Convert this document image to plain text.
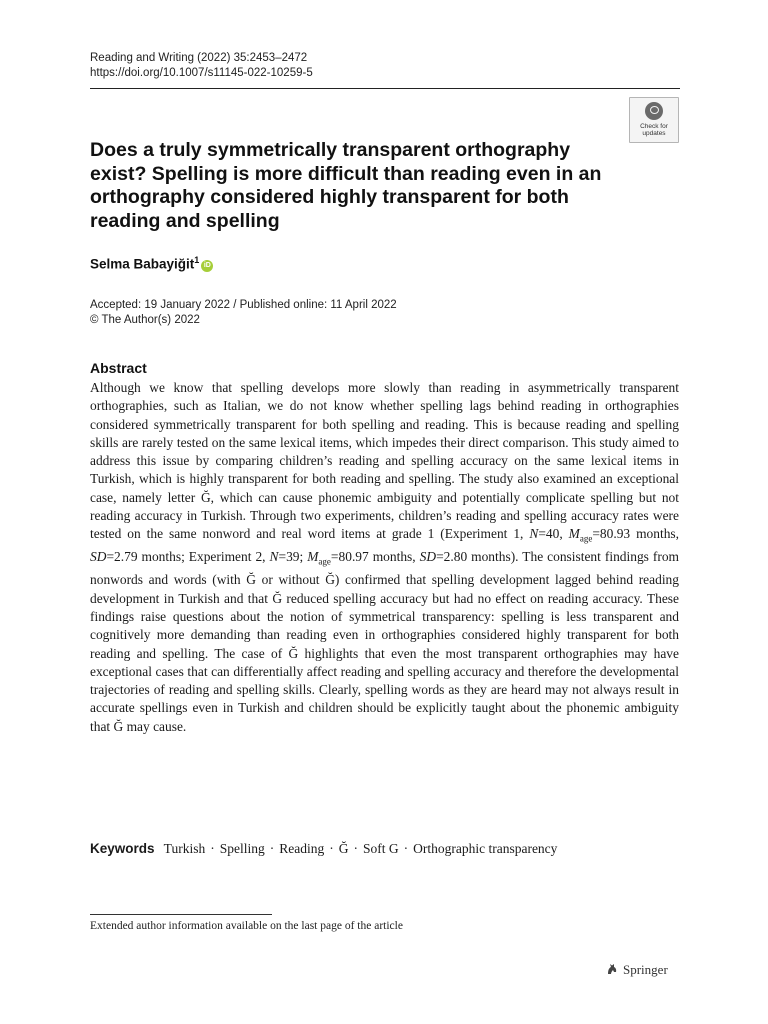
Reading and Writing (2022) 35:2453–2472
https://doi.org/10.1007/s11145-022-10259-5
Check for
updates
Does a truly symmetrically transparent orthography exist? Spelling is more difficult than reading even in an orthography considered highly transparent for both reading and spelling
Selma Babayiğit$^1$ iD
Accepted: 19 January 2022 / Published online: 11 April 2022
© The Author(s) 2022
Abstract
Although we know that spelling develops more slowly than reading in asymmetrically transparent orthographies, such as Italian, we do not know whether spelling lags behind reading in orthographies considered symmetrically transparent for both spelling and reading. This is because reading and spelling skills are rarely tested on the same lexical items, which impedes their direct comparison. This study aimed to address this issue by comparing children’s reading and spelling accuracy on the same lexical items in Turkish, which is highly transparent for both reading and spelling. The study also examined an exceptional case, namely letter Ğ, which can cause phonemic ambiguity and potentially complicate spelling but not reading accuracy in Turkish. Through two experiments, children’s reading and spelling accuracy rates were tested on the same nonword and real word items at grade 1 (Experiment 1, N=40, $M_{age}=80.93$ months, SD=2.79 months; Experiment 2, N=39; $M_{age}=80.97$ months, SD=2.80 months). The consistent findings from nonwords and words (with Ğ or without Ğ) confirmed that spelling development lagged behind reading development in Turkish and that Ğ reduced spelling accuracy but had no effect on reading accuracy. These findings raise questions about the notion of symmetrical transparency: spelling is less transparent and cognitively more demanding than reading even in orthographies considered highly transparent for both reading and spelling. The case of Ğ highlights that even the most transparent orthographies may have exceptional cases that can differentially affect reading and spelling accuracy and therefore the developmental trajectories of reading and spelling skills. Clearly, spelling words as they are heard may not always result in accurate spellings even in Turkish and children should be explicitly taught about the phonemic ambiguity that Ğ may cause.
Keywords Turkish · Spelling · Reading · Ğ · Soft G · Orthographic transparency
Extended author information available on the last page of the article
Springer
